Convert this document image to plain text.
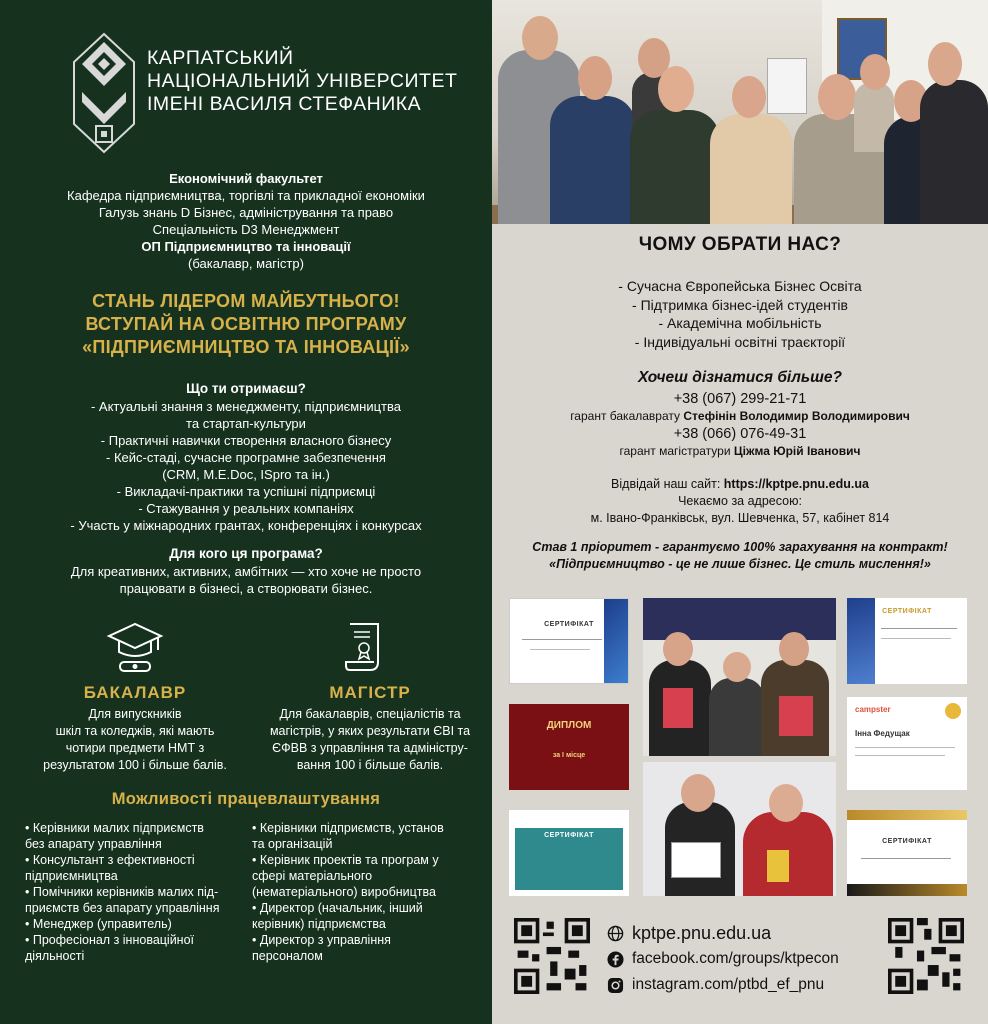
КАРПАТСЬКИЙ
НАЦІОНАЛЬНИЙ УНІВЕРСИТЕТ
ІМЕНІ ВАСИЛЯ СТЕФАНИКА
Економічний факультет
Кафедра підприємництва, торгівлі та прикладної економіки
Галузь знань D Бізнес, адміністрування та право
Спеціальність D3 Менеджмент
ОП Підприємництво та інновації
(бакалавр, магістр)
СТАНЬ ЛІДЕРОМ МАЙБУТНЬОГО!
ВСТУПАЙ НА ОСВІТНЮ ПРОГРАМУ
«ПІДПРИЄМНИЦТВО ТА ІННОВАЦІЇ»
Що ти отримаєш?
- Актуальні знання з менеджменту, підприємництва
та стартап-культури
- Практичні навички створення власного бізнесу
- Кейс-стаді, сучасне програмне забезпечення
(CRM, M.E.Doc, ISpro та ін.)
- Викладачі-практики та успішні підприємці
- Стажування у реальних компаніях
- Участь у міжнародних грантах, конференціях і конкурсах
Для кого ця програма?
Для креативних, активних, амбітних — хто хоче не просто
працювати в бізнесі, а створювати бізнес.
БАКАЛАВР
Для випускників
шкіл та коледжів, які мають
чотири предмети НМТ з
результатом 100 і більше балів.
МАГІСТР
Для бакалаврів, спеціалістів та
магістрів, у яких результати ЄВІ та
ЄФВВ з управління та адміністру-
вання 100 і більше балів.
Можливості працевлаштування
• Керівники малих підприємств
без апарату управління
• Консультант з ефективності
підприємництва
• Помічники керівників малих під-
приємств без апарату управління
• Менеджер (управитель)
• Професіонал з інноваційної
діяльності
• Керівники підприємств, установ
та організацій
• Керівник проектів та програм у
сфері матеріального
(нематеріального) виробництва
• Директор (начальник, інший
керівник) підприємства
• Директор з управління
персоналом
ЧОМУ ОБРАТИ НАС?
- Сучасна Європейська Бізнес Освіта
- Підтримка бізнес-ідей студентів
- Академічна мобільність
- Індивідуальні освітні траєкторії
Хочеш дізнатися більше?
+38 (067) 299-21-71
гарант бакалаврату Стефінін Володимир Володимирович
+38 (066) 076-49-31
гарант магістратури Ціжма Юрій Іванович
Відвідай наш сайт: https://kptpe.pnu.edu.ua
Чекаємо за адресою:
м. Івано-Франківськ, вул. Шевченка, 57, кабінет 814
Став 1 пріоритет - гарантуємо 100% зарахування на контракт!
«Підприємництво - це не лише бізнес. Це стиль мислення!»
СЕРТИФІКАТ
СЕРТИФІКАТ
ДИПЛОМ
за І місце
campster
Інна Федущак
СЕРТИФІКАТ
СЕРТИФІКАТ
kptpe.pnu.edu.ua
facebook.com/groups/ktpecon
instagram.com/ptbd_ef_pnu
